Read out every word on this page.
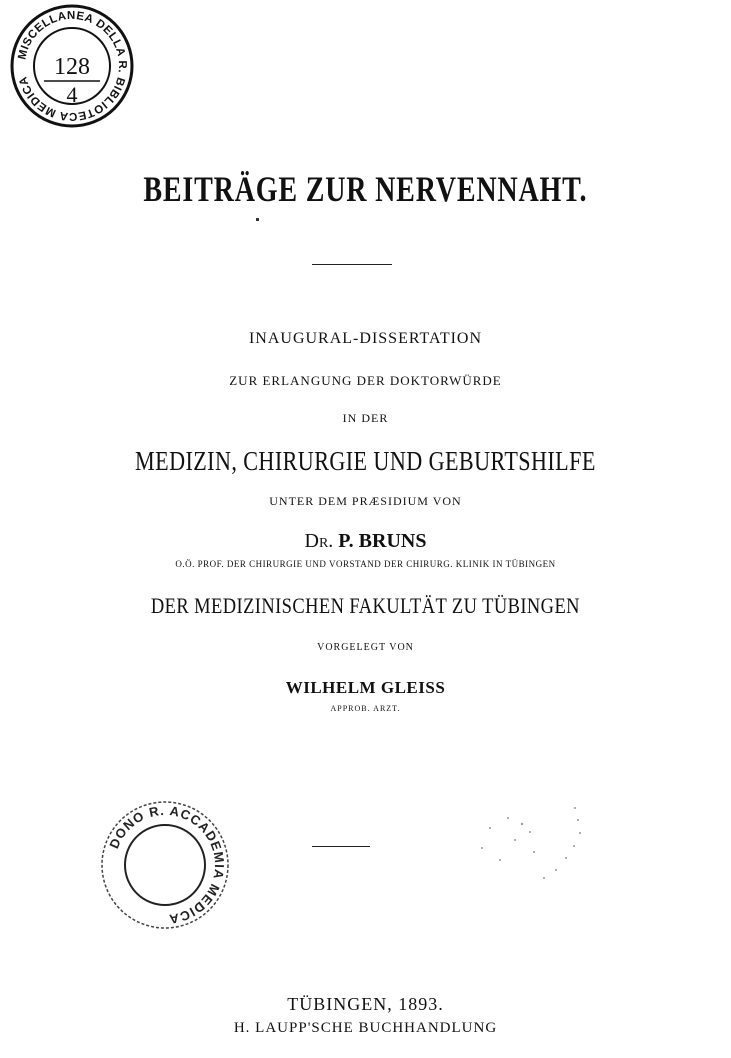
MISCELLANEA DELLA R. BIBLIOTECA MEDICA
128
4
BEITRÄGE ZUR NERVENNAHT.
INAUGURAL-DISSERTATION
ZUR ERLANGUNG DER DOKTORWÜRDE
IN DER
MEDIZIN, CHIRURGIE UND GEBURTSHILFE
UNTER DEM PRÆSIDIUM VON
Dr. P. BRUNS
O.Ö. PROF. DER CHIRURGIE UND VORSTAND DER CHIRURG. KLINIK IN TÜBINGEN
DER MEDIZINISCHEN FAKULTÄT ZU TÜBINGEN
VORGELEGT VON
WILHELM GLEISS
APPROB. ARZT.
DONO R. ACCADEMIA MEDICA
TÜBINGEN, 1893.
H. LAUPP'SCHE BUCHHANDLUNG
